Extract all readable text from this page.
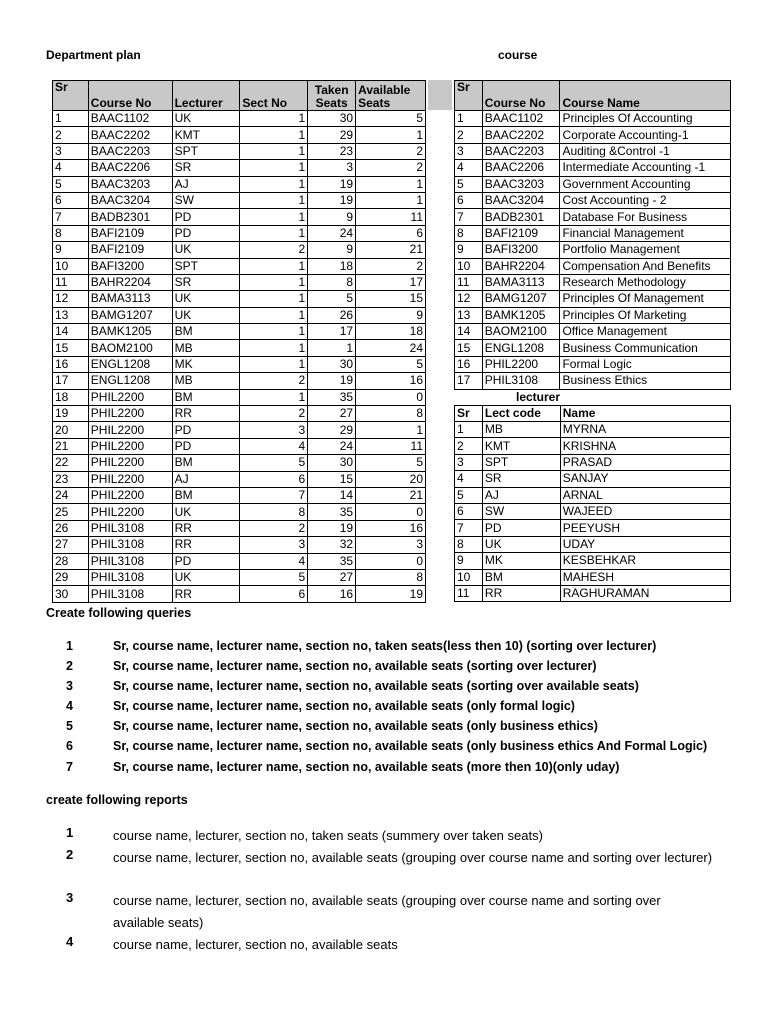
Department plan	course
Sr	Course No	Lecturer	Sect No	Taken Seats	Available Seats
1	BAAC1102	UK	1	30	5
2	BAAC2202	KMT	1	29	1
3	BAAC2203	SPT	1	23	2
4	BAAC2206	SR	1	3	2
5	BAAC3203	AJ	1	19	1
6	BAAC3204	SW	1	19	1
7	BADB2301	PD	1	9	11
8	BAFI2109	PD	1	24	6
9	BAFI2109	UK	2	9	21
10	BAFI3200	SPT	1	18	2
11	BAHR2204	SR	1	8	17
12	BAMA3113	UK	1	5	15
13	BAMG1207	UK	1	26	9
14	BAMK1205	BM	1	17	18
15	BAOM2100	MB	1	1	24
16	ENGL1208	MK	1	30	5
17	ENGL1208	MB	2	19	16
18	PHIL2200	BM	1	35	0
19	PHIL2200	RR	2	27	8
20	PHIL2200	PD	3	29	1
21	PHIL2200	PD	4	24	11
22	PHIL2200	BM	5	30	5
23	PHIL2200	AJ	6	15	20
24	PHIL2200	BM	7	14	21
25	PHIL2200	UK	8	35	0
26	PHIL3108	RR	2	19	16
27	PHIL3108	RR	3	32	3
28	PHIL3108	PD	4	35	0
29	PHIL3108	UK	5	27	8
30	PHIL3108	RR	6	16	19
Sr	Course No	Course Name
1	BAAC1102	Principles Of Accounting
2	BAAC2202	Corporate Accounting-1
3	BAAC2203	Auditing &Control -1
4	BAAC2206	Intermediate Accounting -1
5	BAAC3203	Government Accounting
6	BAAC3204	Cost Accounting - 2
7	BADB2301	Database For Business
8	BAFI2109	Financial Management
9	BAFI3200	Portfolio Management
10	BAHR2204	Compensation And Benefits
11	BAMA3113	Research Methodology
12	BAMG1207	Principles Of Management
13	BAMK1205	Principles Of Marketing
14	BAOM2100	Office Management
15	ENGL1208	Business Communication
16	PHIL2200	Formal Logic
17	PHIL3108	Business Ethics
lecturer
Sr	Lect code	Name
1	MB	MYRNA
2	KMT	KRISHNA
3	SPT	PRASAD
4	SR	SANJAY
5	AJ	ARNAL
6	SW	WAJEED
7	PD	PEEYUSH
8	UK	UDAY
9	MK	KESBEHKAR
10	BM	MAHESH
11	RR	RAGHURAMAN
Create following queries
1	Sr, course name, lecturer name, section no, taken seats(less then 10) (sorting over lecturer)
2	Sr, course name, lecturer name, section no, available seats (sorting over lecturer)
3	Sr, course name, lecturer name, section no, available seats (sorting over available seats)
4	Sr, course name, lecturer name, section no, available seats (only formal logic)
5	Sr, course name, lecturer name, section no, available seats (only business ethics)
6	Sr, course name, lecturer name, section no, available seats (only business ethics And Formal Logic)
7	Sr, course name, lecturer name, section no, available seats (more then 10)(only uday)
create following reports
1	course name, lecturer, section no, taken seats (summery over taken seats)
2	course name, lecturer, section no, available seats (grouping over course name and sorting over lecturer)
3	course name, lecturer, section no, available seats (grouping over course name and sorting over available seats)
4	course name, lecturer, section no, available seats
